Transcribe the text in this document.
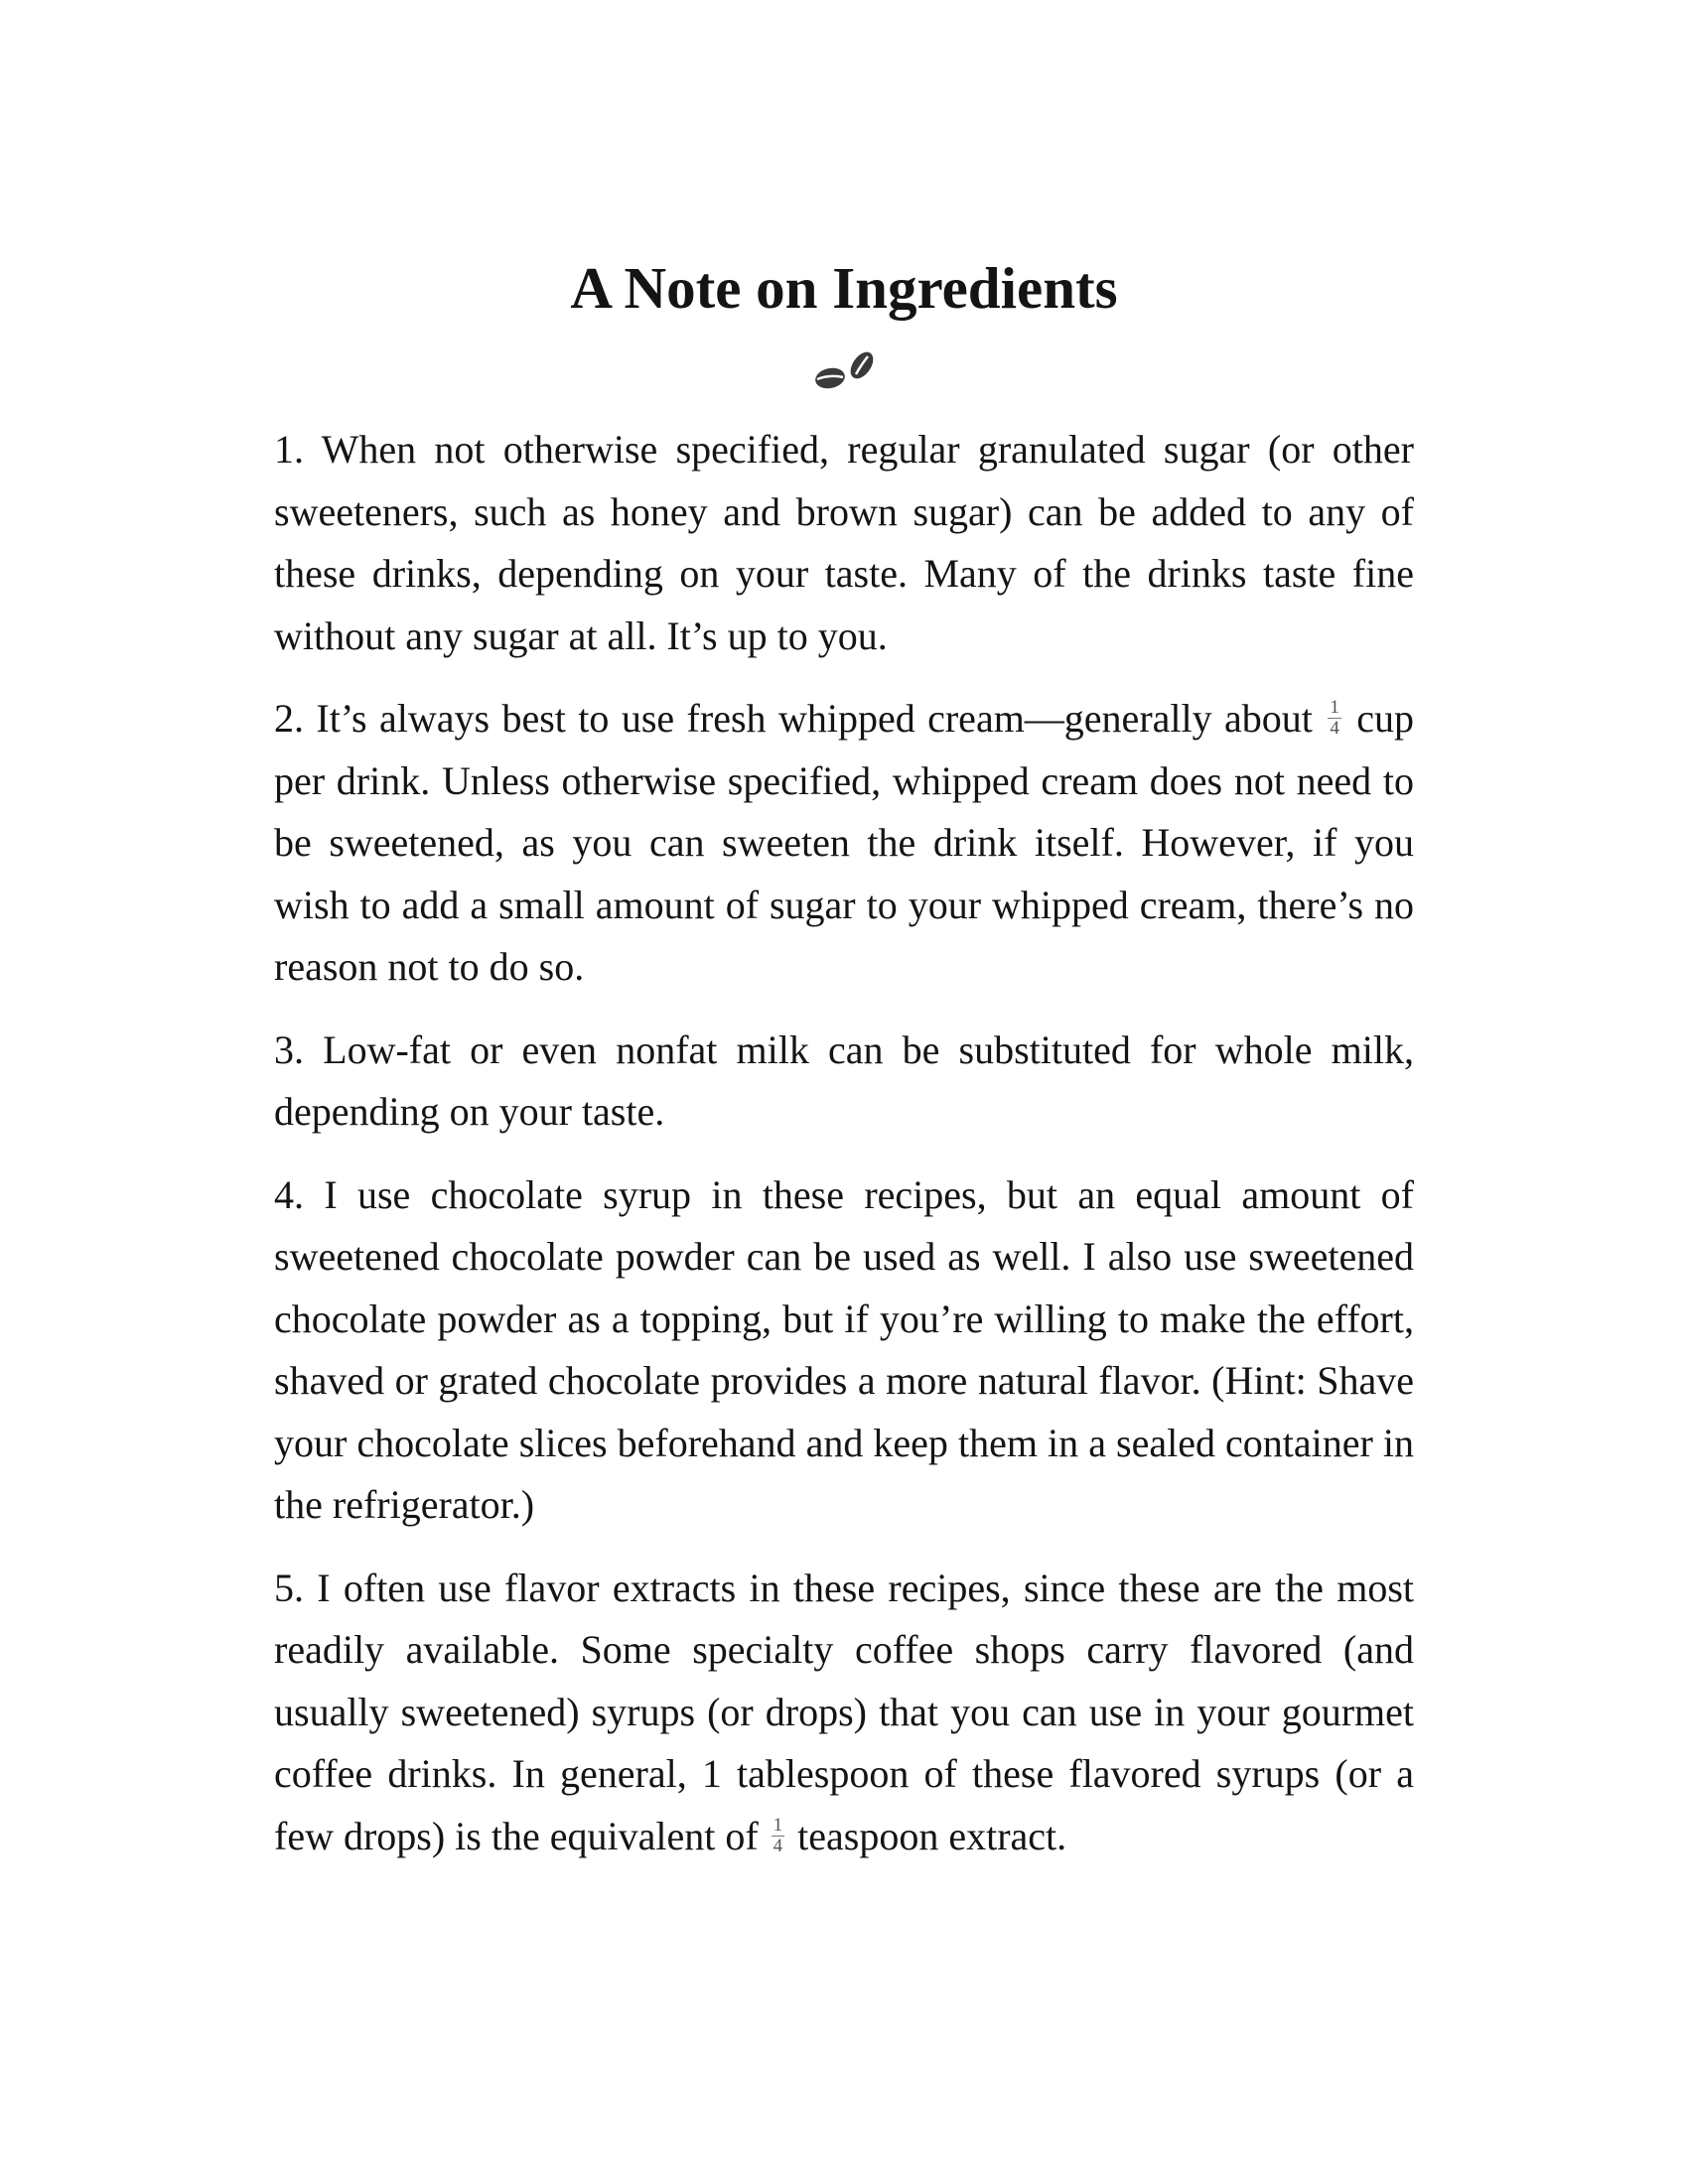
A Note on Ingredients

1. When not otherwise specified, regular granulated sugar (or other sweeteners, such as honey and brown sugar) can be added to any of these drinks, depending on your taste. Many of the drinks taste fine without any sugar at all. It’s up to you.

2. It’s always best to use fresh whipped cream—generally about $\frac{1}{4}$ cup per drink. Unless otherwise specified, whipped cream does not need to be sweetened, as you can sweeten the drink itself. However, if you wish to add a small amount of sugar to your whipped cream, there’s no reason not to do so.

3. Low-fat or even nonfat milk can be substituted for whole milk, depending on your taste.

4. I use chocolate syrup in these recipes, but an equal amount of sweetened chocolate powder can be used as well. I also use sweetened chocolate powder as a topping, but if you’re willing to make the effort, shaved or grated chocolate provides a more natural flavor. (Hint: Shave your chocolate slices beforehand and keep them in a sealed container in the refrigerator.)

5. I often use flavor extracts in these recipes, since these are the most readily available. Some specialty coffee shops carry flavored (and usually sweetened) syrups (or drops) that you can use in your gourmet coffee drinks. In general, 1 tablespoon of these flavored syrups (or a few drops) is the equivalent of $\frac{1}{4}$ teaspoon extract.
